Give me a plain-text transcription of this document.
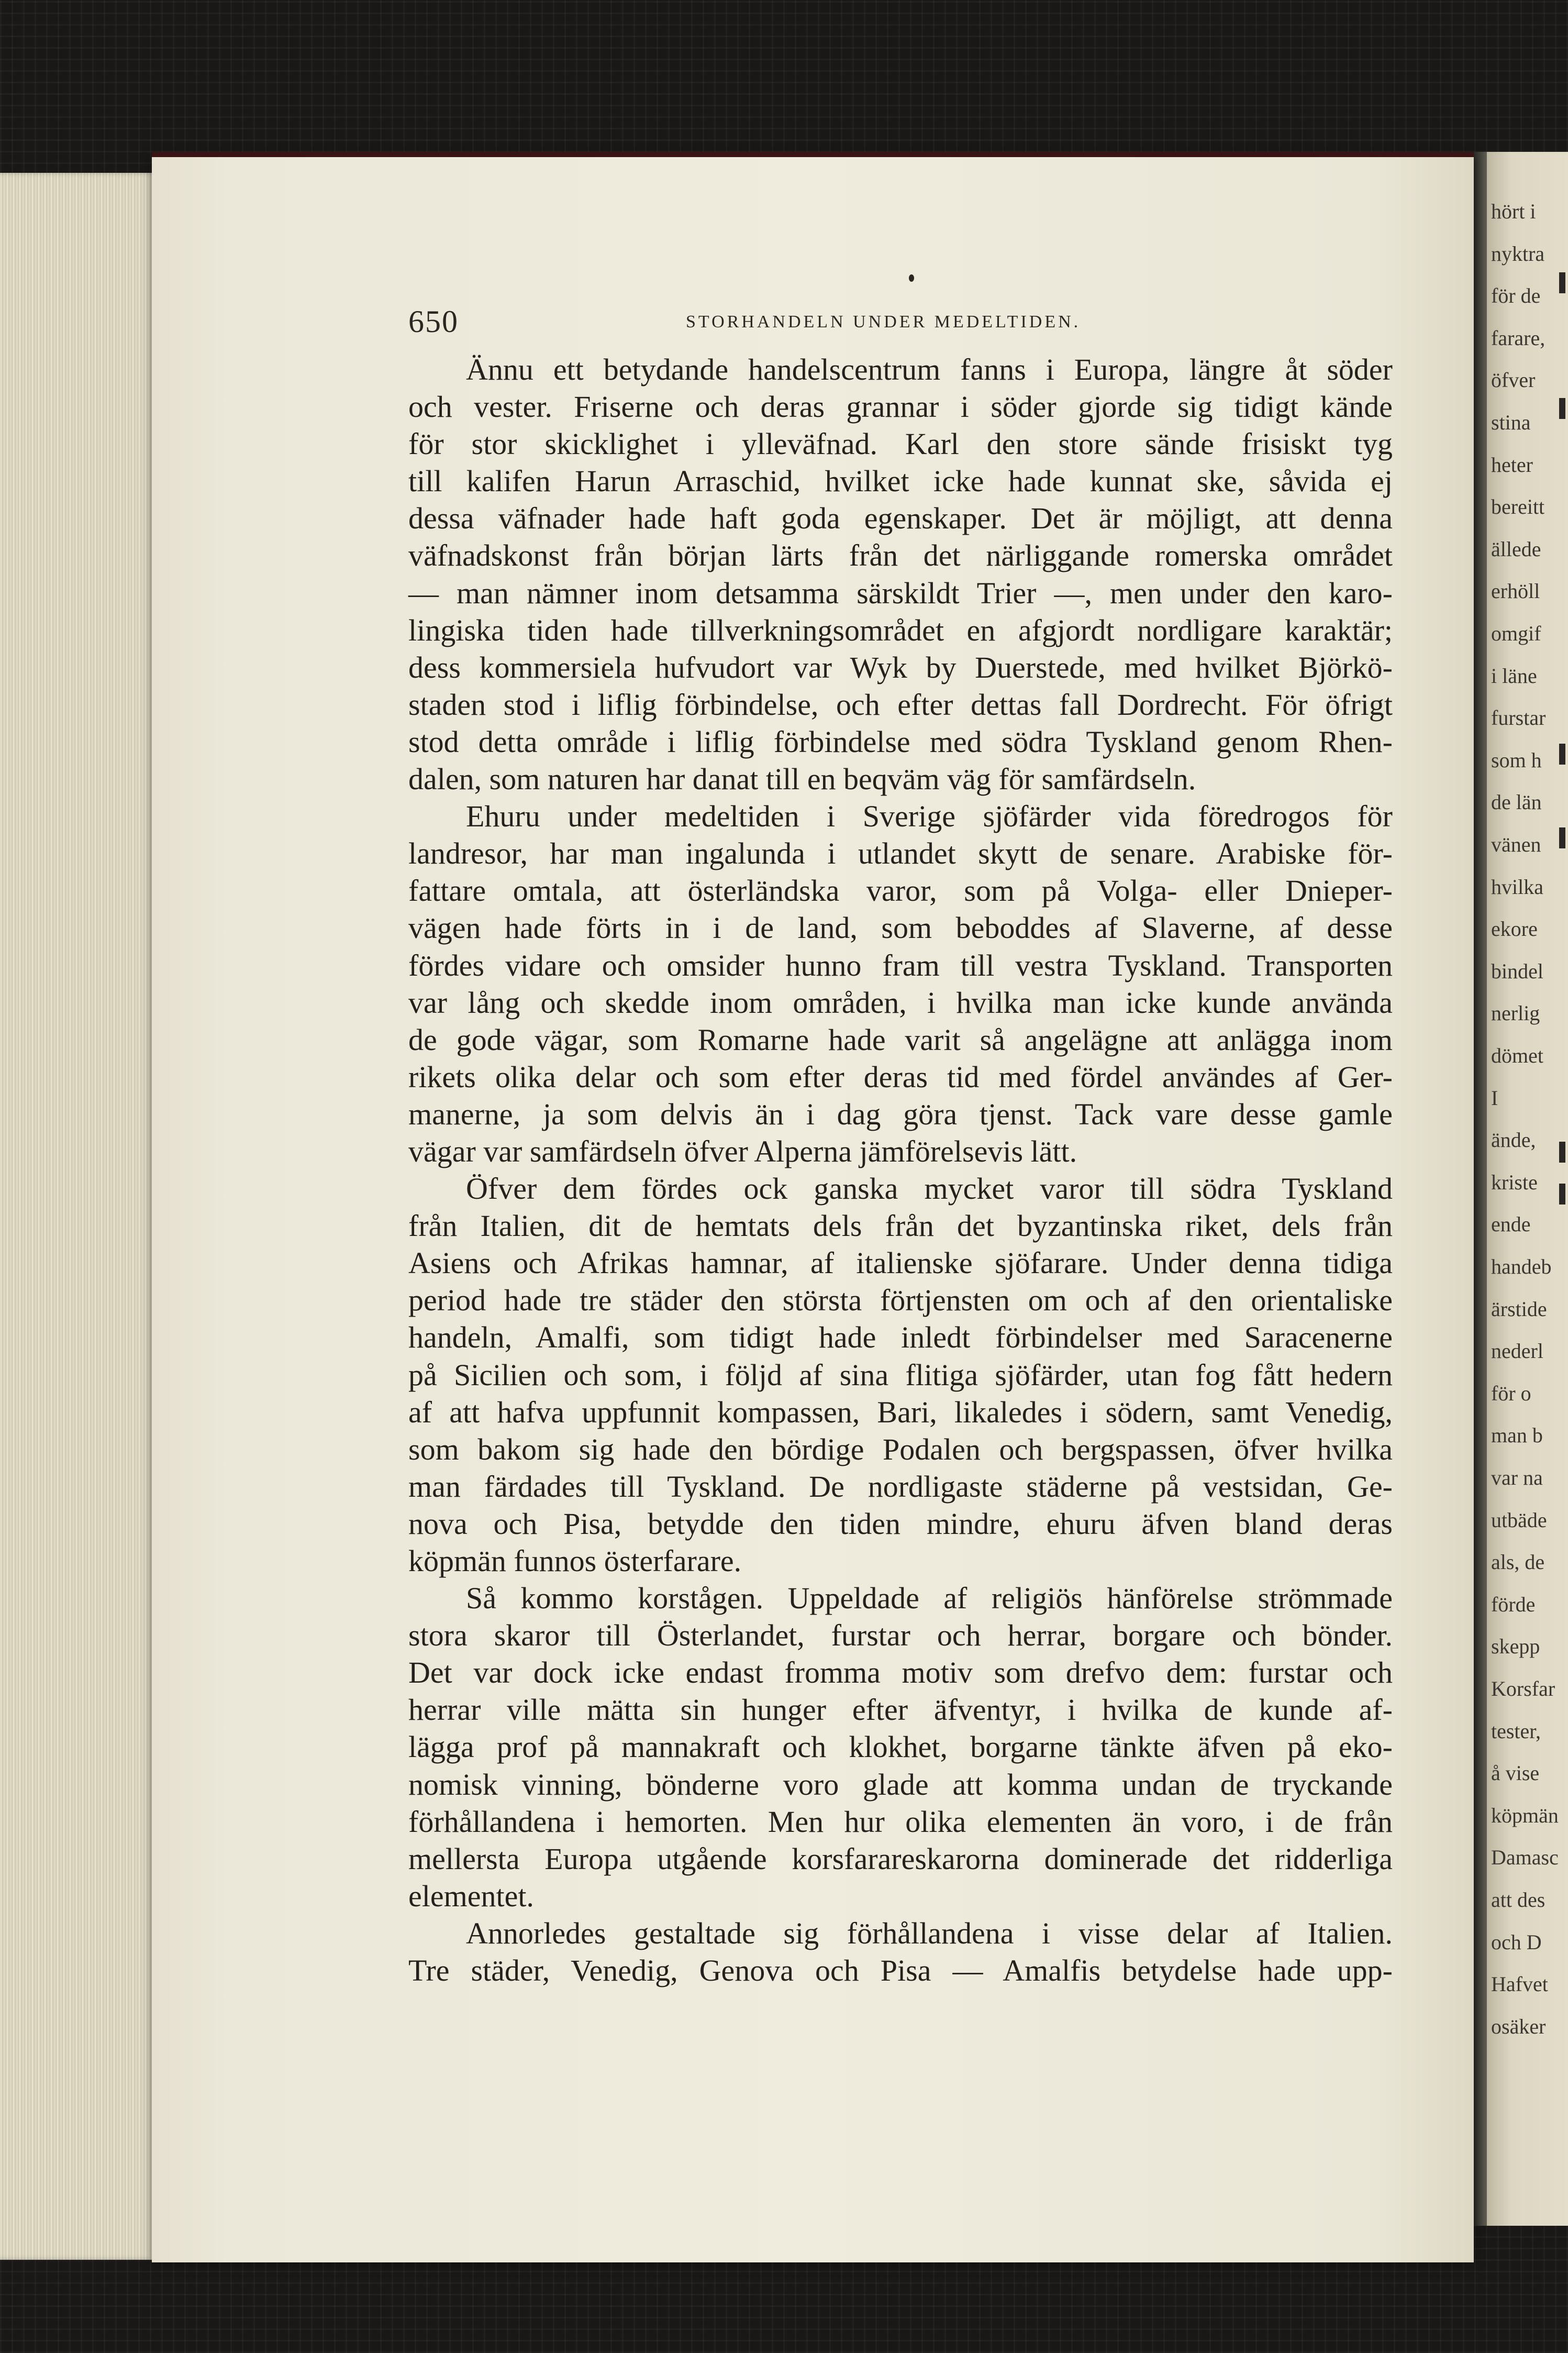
hört i
nyktra
för de
farare,
öfver
stina
heter
bereitt
ällede
erhöll
omgif
i läne
furstar
som h
de län
vänen
hvilka
ekore
bindel
nerlig
dömet
I
ände,
kriste
ende
handeb
ärstide
nederl
för o
man b
var na
utbäde
als, de
förde
skepp
Korsfar
tester,
å vise
köpmän
Damasc
att des
och D
Hafvet
osäker
650	STORHANDELN UNDER MEDELTIDEN.
Ännu ett betydande handelscentrum fanns i Europa, längre åt söder
och vester. Friserne och deras grannar i söder gjorde sig tidigt kände
för stor skicklighet i ylleväfnad. Karl den store sände frisiskt tyg
till kalifen Harun Arraschid, hvilket icke hade kunnat ske, såvida ej
dessa väfnader hade haft goda egenskaper. Det är möjligt, att denna
väfnadskonst från början lärts från det närliggande romerska området
— man nämner inom detsamma särskildt Trier —, men under den karo-
lingiska tiden hade tillverkningsområdet en afgjordt nordligare karaktär;
dess kommersiela hufvudort var Wyk by Duerstede, med hvilket Björkö-
staden stod i liflig förbindelse, och efter dettas fall Dordrecht. För öfrigt
stod detta område i liflig förbindelse med södra Tyskland genom Rhen-
dalen, som naturen har danat till en beqväm väg för samfärdseln.
Ehuru under medeltiden i Sverige sjöfärder vida föredrogos för
landresor, har man ingalunda i utlandet skytt de senare. Arabiske för-
fattare omtala, att österländska varor, som på Volga- eller Dnieper-
vägen hade förts in i de land, som beboddes af Slaverne, af desse
fördes vidare och omsider hunno fram till vestra Tyskland. Transporten
var lång och skedde inom områden, i hvilka man icke kunde använda
de gode vägar, som Romarne hade varit så angelägne att anlägga inom
rikets olika delar och som efter deras tid med fördel användes af Ger-
manerne, ja som delvis än i dag göra tjenst. Tack vare desse gamle
vägar var samfärdseln öfver Alperna jämförelsevis lätt.
Öfver dem fördes ock ganska mycket varor till södra Tyskland
från Italien, dit de hemtats dels från det byzantinska riket, dels från
Asiens och Afrikas hamnar, af italienske sjöfarare. Under denna tidiga
period hade tre städer den största förtjensten om och af den orientaliske
handeln, Amalfi, som tidigt hade inledt förbindelser med Saracenerne
på Sicilien och som, i följd af sina flitiga sjöfärder, utan fog fått hedern
af att hafva uppfunnit kompassen, Bari, likaledes i södern, samt Venedig,
som bakom sig hade den bördige Podalen och bergspassen, öfver hvilka
man färdades till Tyskland. De nordligaste städerne på vestsidan, Ge-
nova och Pisa, betydde den tiden mindre, ehuru äfven bland deras
köpmän funnos österfarare.
Så kommo korstågen. Uppeldade af religiös hänförelse strömmade
stora skaror till Österlandet, furstar och herrar, borgare och bönder.
Det var dock icke endast fromma motiv som drefvo dem: furstar och
herrar ville mätta sin hunger efter äfventyr, i hvilka de kunde af-
lägga prof på mannakraft och klokhet, borgarne tänkte äfven på eko-
nomisk vinning, bönderne voro glade att komma undan de tryckande
förhållandena i hemorten. Men hur olika elementen än voro, i de från
mellersta Europa utgående korsfarareskarorna dominerade det ridderliga
elementet.
Annorledes gestaltade sig förhållandena i visse delar af Italien.
Tre städer, Venedig, Genova och Pisa — Amalfis betydelse hade upp-
